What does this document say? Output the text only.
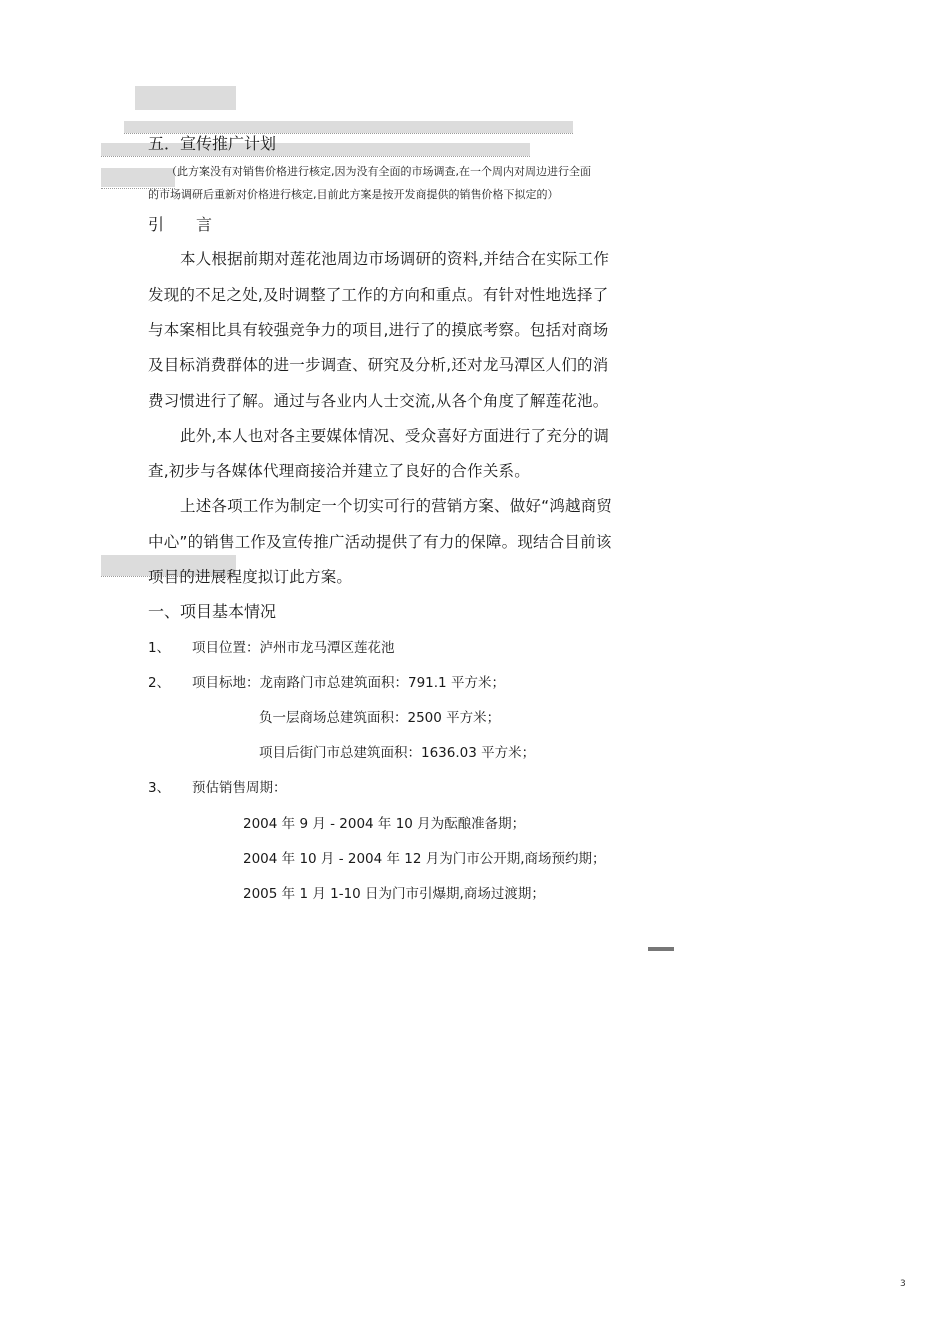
五．宣传推广计划
（此方案没有对销售价格进行核定,因为没有全面的市场调查,在一个周内对周边进行全面
的市场调研后重新对价格进行核定,目前此方案是按开发商提供的销售价格下拟定的）
引　　言
本人根据前期对莲花池周边市场调研的资料,并结合在实际工作
发现的不足之处,及时调整了工作的方向和重点。有针对性地选择了
与本案相比具有较强竞争力的项目,进行了的摸底考察。包括对商场
及目标消费群体的进一步调查、研究及分析,还对龙马潭区人们的消
费习惯进行了解。通过与各业内人士交流,从各个角度了解莲花池。
此外,本人也对各主要媒体情况、受众喜好方面进行了充分的调
查,初步与各媒体代理商接洽并建立了良好的合作关系。
上述各项工作为制定一个切实可行的营销方案、做好“鸿越商贸
中心”的销售工作及宣传推广活动提供了有力的保障。现结合目前该
项目的进展程度拟订此方案。
一、项目基本情况
1、 项目位置：泸州市龙马潭区莲花池
2、 项目标地：龙南路门市总建筑面积：791.1 平方米；
负一层商场总建筑面积：2500 平方米；
项目后街门市总建筑面积：1636.03 平方米；
3、 预估销售周期：
2004 年 9 月 - 2004 年 10 月为酝酿准备期；
2004 年 10 月 - 2004 年 12 月为门市公开期,商场预约期；
2005 年 1 月 1-10 日为门市引爆期,商场过渡期；
3
